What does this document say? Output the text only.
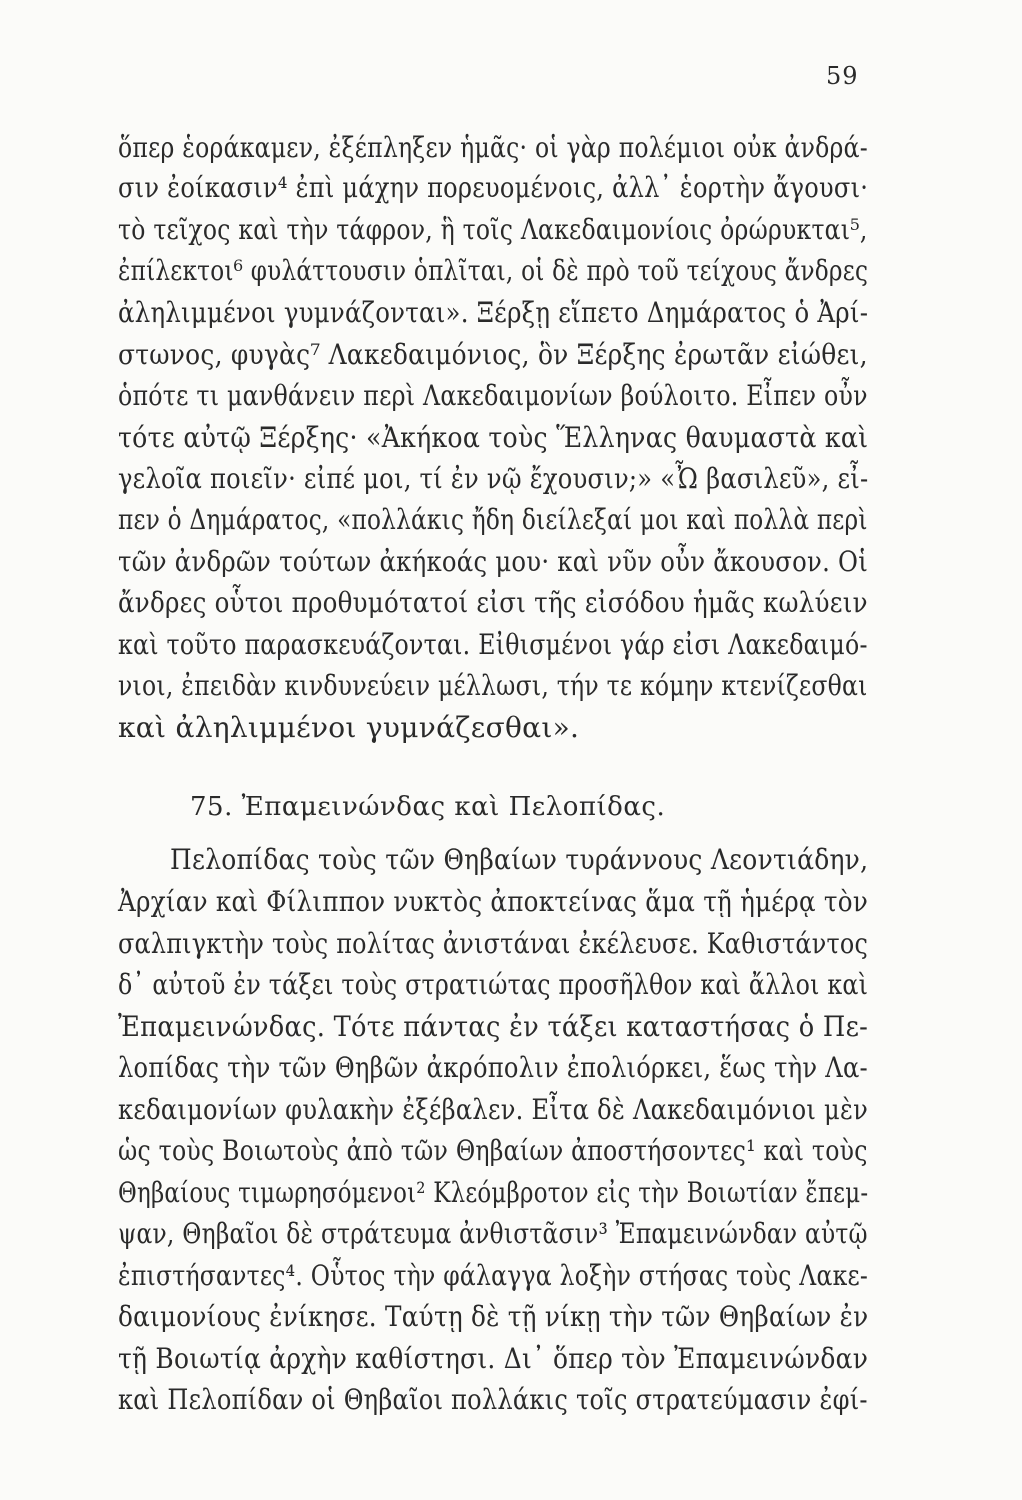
59
ὅπερ ἑοράκαμεν, ἐξέπληξεν ἡμᾶς· οἱ γὰρ πολέμιοι οὐκ ἀνδρά-
σιν ἐοίκασιν⁴ ἐπὶ μάχην πορευομένοις, ἀλλ᾽ ἑορτὴν ἄγουσι·
τὸ τεῖχος καὶ τὴν τάφρον, ἣ τοῖς Λακεδαιμονίοις ὀρώρυκται⁵,
ἐπίλεκτοι⁶ φυλάττουσιν ὁπλῖται, οἱ δὲ πρὸ τοῦ τείχους ἄνδρες
ἀληλιμμένοι γυμνάζονται». Ξέρξῃ εἵπετο Δημάρατος ὁ Ἀρί-
στωνος, φυγὰς⁷ Λακεδαιμόνιος, ὃν Ξέρξης ἐρωτᾶν εἰώθει,
ὁπότε τι μανθάνειν περὶ Λακεδαιμονίων βούλοιτο. Εἶπεν οὖν
τότε αὐτῷ Ξέρξης· «Ἀκήκοα τοὺς Ἕλληνας θαυμαστὰ καὶ
γελοῖα ποιεῖν· εἰπέ μοι, τί ἐν νῷ ἔχουσιν;» «Ὦ βασιλεῦ», εἶ-
πεν ὁ Δημάρατος, «πολλάκις ἤδη διείλεξαί μοι καὶ πολλὰ περὶ
τῶν ἀνδρῶν τούτων ἀκήκοάς μου· καὶ νῦν οὖν ἄκουσον. Οἱ
ἄνδρες οὗτοι προθυμότατοί εἰσι τῆς εἰσόδου ἡμᾶς κωλύειν
καὶ τοῦτο παρασκευάζονται. Εἰθισμένοι γάρ εἰσι Λακεδαιμό-
νιοι, ἐπειδὰν κινδυνεύειν μέλλωσι, τήν τε κόμην κτενίζεσθαι
καὶ ἀληλιμμένοι γυμνάζεσθαι».
75. Ἐπαμεινώνδας καὶ Πελοπίδας.
Πελοπίδας τοὺς τῶν Θηβαίων τυράννους Λεοντιάδην,
Ἀρχίαν καὶ Φίλιππον νυκτὸς ἀποκτείνας ἅμα τῇ ἡμέρᾳ τὸν
σαλπιγκτὴν τοὺς πολίτας ἀνιστάναι ἐκέλευσε. Καθιστάντος
δ᾽ αὐτοῦ ἐν τάξει τοὺς στρατιώτας προσῆλθον καὶ ἄλλοι καὶ
Ἐπαμεινώνδας. Τότε πάντας ἐν τάξει καταστήσας ὁ Πε-
λοπίδας τὴν τῶν Θηβῶν ἀκρόπολιν ἐπολιόρκει, ἕως τὴν Λα-
κεδαιμονίων φυλακὴν ἐξέβαλεν. Εἶτα δὲ Λακεδαιμόνιοι μὲν
ὡς τοὺς Βοιωτοὺς ἀπὸ τῶν Θηβαίων ἀποστήσοντες¹ καὶ τοὺς
Θηβαίους τιμωρησόμενοι² Κλεόμβροτον εἰς τὴν Βοιωτίαν ἔπεμ-
ψαν, Θηβαῖοι δὲ στράτευμα ἀνθιστᾶσιν³ Ἐπαμεινώνδαν αὐτῷ
ἐπιστήσαντες⁴. Οὗτος τὴν φάλαγγα λοξὴν στήσας τοὺς Λακε-
δαιμονίους ἐνίκησε. Ταύτῃ δὲ τῇ νίκῃ τὴν τῶν Θηβαίων ἐν
τῇ Βοιωτίᾳ ἀρχὴν καθίστησι. Δι᾽ ὅπερ τὸν Ἐπαμεινώνδαν
καὶ Πελοπίδαν οἱ Θηβαῖοι πολλάκις τοῖς στρατεύμασιν ἐφί-
